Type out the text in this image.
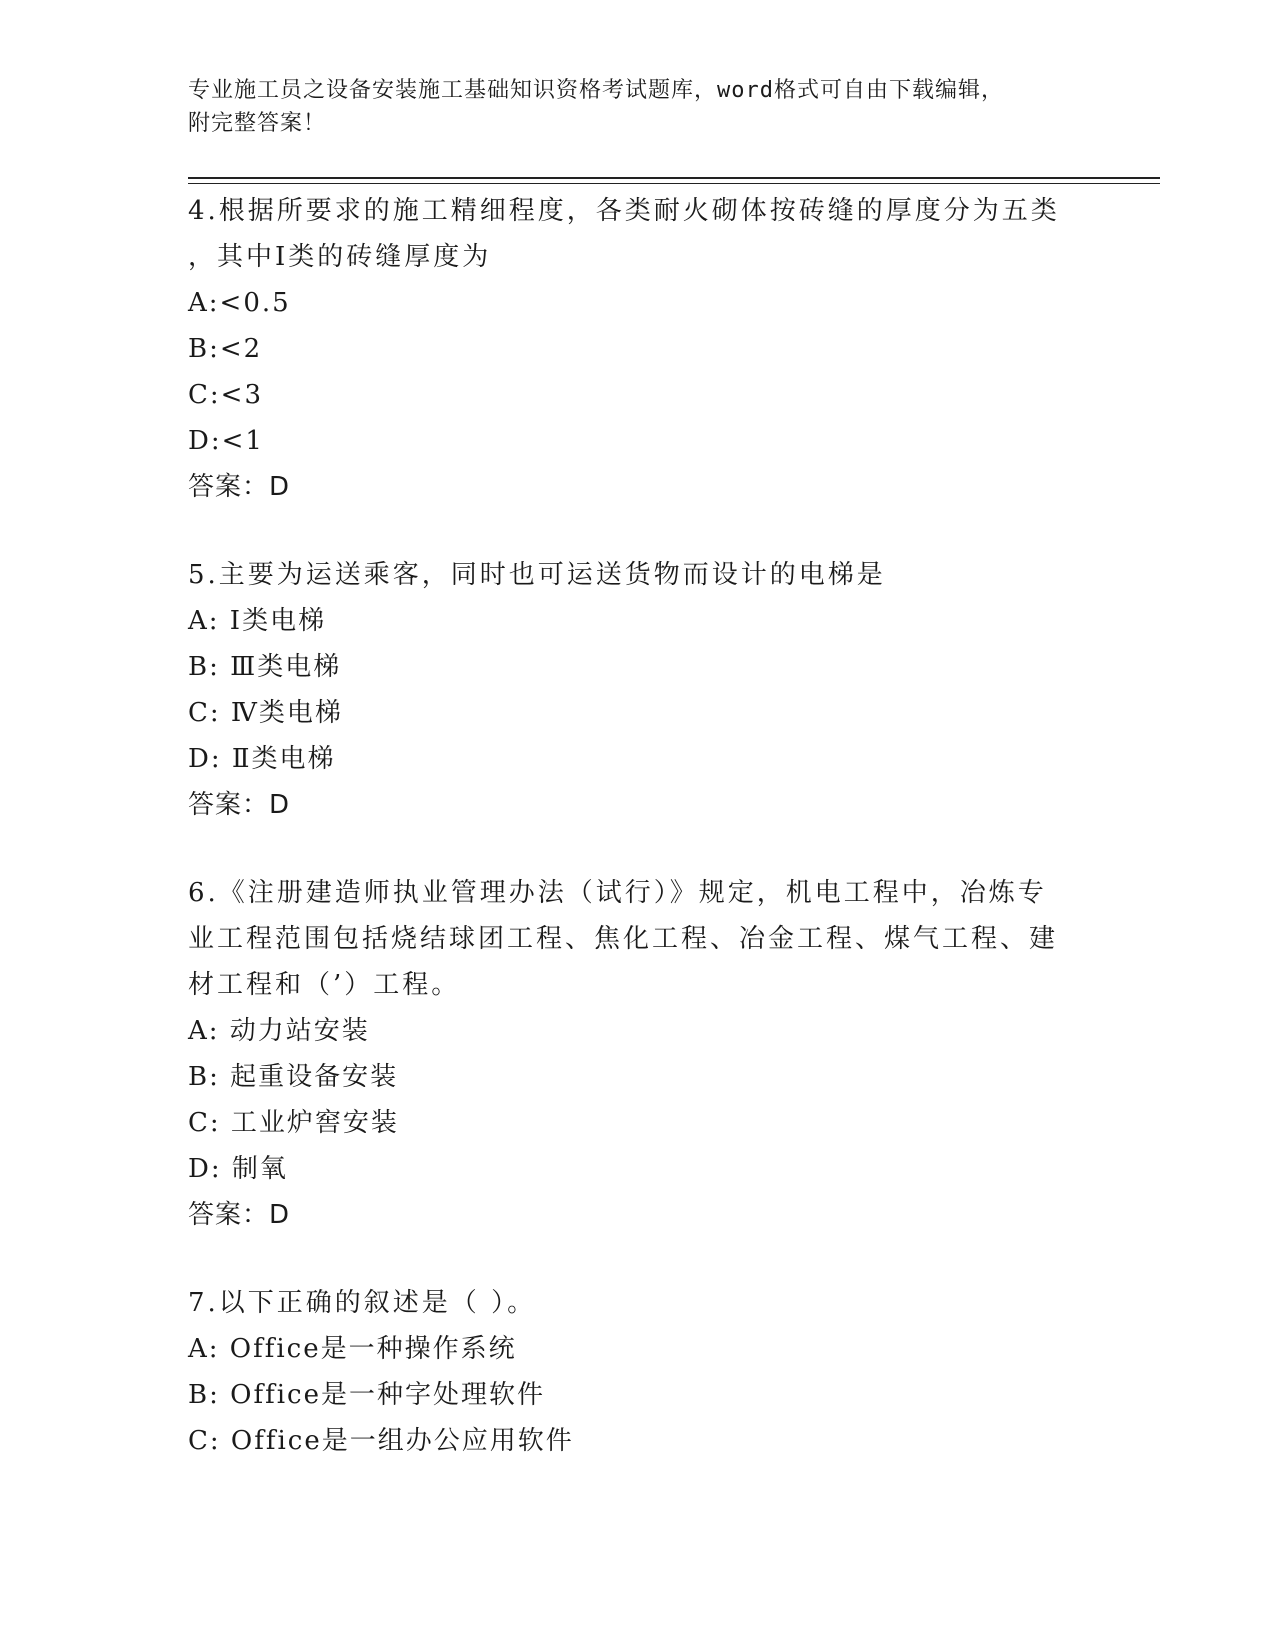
专业施工员之设备安装施工基础知识资格考试题库，word格式可自由下载编辑，
附完整答案！
4.根据所要求的施工精细程度，各类耐火砌体按砖缝的厚度分为五类
，其中Ⅰ类的砖缝厚度为
A:<0.5
B:<2
C:<3
D:<1
答案：D
5.主要为运送乘客，同时也可运送货物而设计的电梯是
A: Ⅰ类电梯
B: Ⅲ类电梯
C: Ⅳ类电梯
D: Ⅱ类电梯
答案：D
6.《注册建造师执业管理办法（试行）》规定，机电工程中，冶炼专
业工程范围包括烧结球团工程、焦化工程、冶金工程、煤气工程、建
材工程和（’）工程。
A: 动力站安装
B: 起重设备安装
C: 工业炉窖安装
D: 制氧
答案：D
7.以下正确的叙述是（ ）。
A: Office是一种操作系统
B: Office是一种字处理软件
C: Office是一组办公应用软件
